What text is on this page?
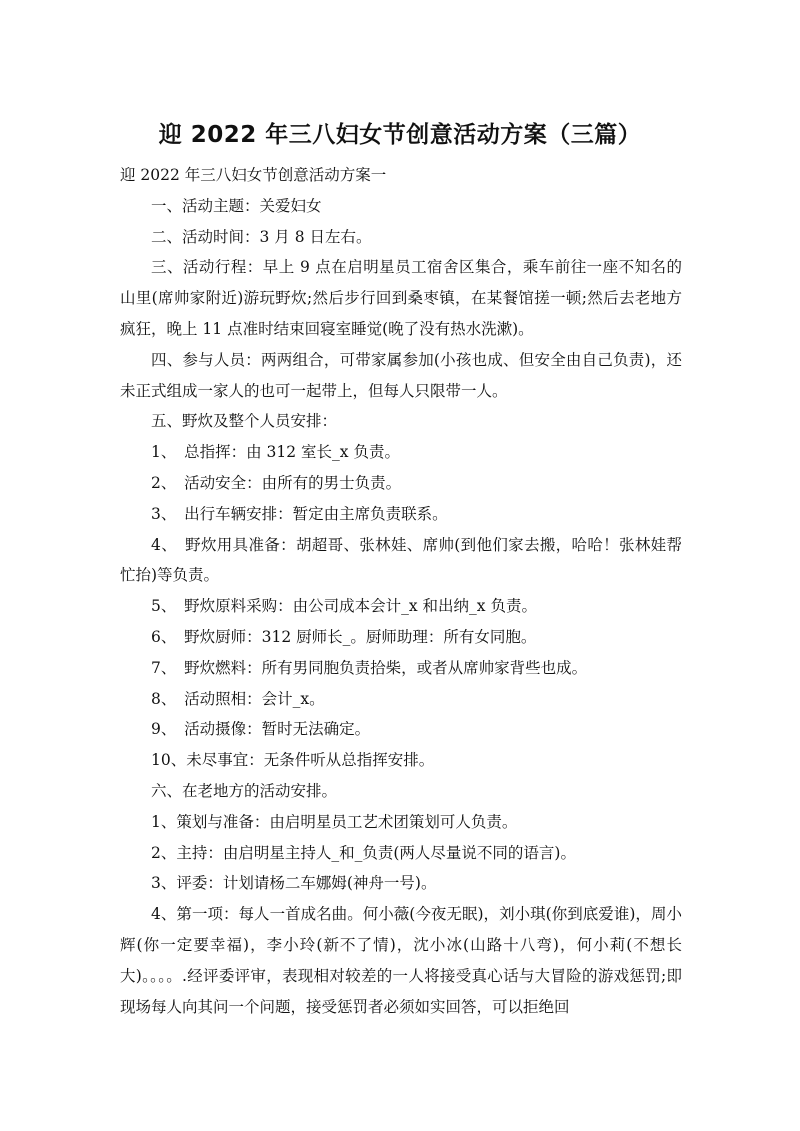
迎 2022 年三八妇女节创意活动方案（三篇）

迎 2022 年三八妇女节创意活动方案一

一、活动主题：关爱妇女

二、活动时间：3 月 8 日左右。

三、活动行程：早上 9 点在启明星员工宿舍区集合，乘车前往一座不知名的山里(席帅家附近)游玩野炊;然后步行回到桑枣镇，在某餐馆搓一顿;然后去老地方疯狂，晚上 11 点准时结束回寝室睡觉(晚了没有热水洗漱)。

四、参与人员：两两组合，可带家属参加(小孩也成、但安全由自己负责)，还未正式组成一家人的也可一起带上，但每人只限带一人。

五、野炊及整个人员安排：

1、　总指挥：由 312 室长_x 负责。

2、　活动安全：由所有的男士负责。

3、　出行车辆安排：暂定由主席负责联系。

4、　野炊用具准备：胡超哥、张林娃、席帅(到他们家去搬，哈哈！张林娃帮忙抬)等负责。

5、　野炊原料采购：由公司成本会计_x 和出纳_x 负责。

6、　野炊厨师：312 厨师长_。厨师助理：所有女同胞。

7、　野炊燃料：所有男同胞负责拾柴，或者从席帅家背些也成。

8、　活动照相：会计_x。

9、　活动摄像：暂时无法确定。

10、未尽事宜：无条件听从总指挥安排。

六、在老地方的活动安排。

1、策划与准备：由启明星员工艺术团策划可人负责。

2、主持：由启明星主持人_和_负责(两人尽量说不同的语言)。

3、评委：计划请杨二车娜姆(神舟一号)。

4、第一项：每人一首成名曲。何小薇(今夜无眠)，刘小琪(你到底爱谁)，周小辉(你一定要幸福)，李小玲(新不了情)，沈小冰(山路十八弯)，何小莉(不想长大)。。。。.经评委评审，表现相对较差的一人将接受真心话与大冒险的游戏惩罚;即现场每人向其问一个问题，接受惩罚者必须如实回答，可以拒绝回
